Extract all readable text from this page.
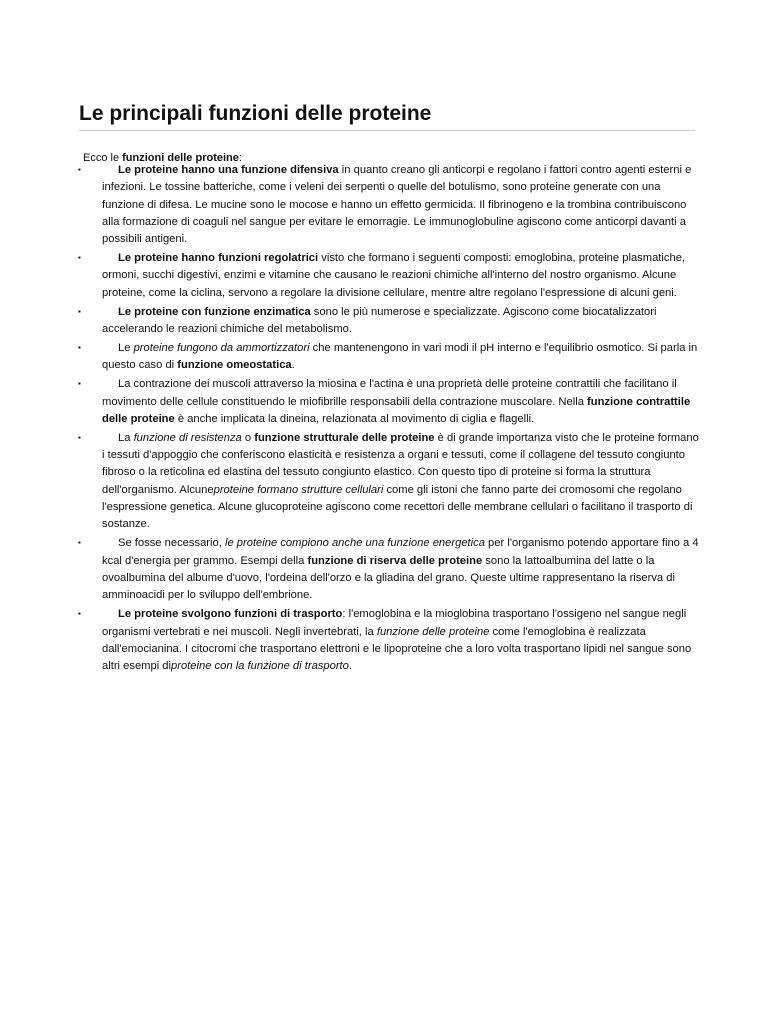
Le principali funzioni delle proteine

Ecco le funzioni delle proteine:

▪	Le proteine hanno una funzione difensiva in quanto creano gli anticorpi e regolano i fattori contro agenti esterni e infezioni. Le tossine batteriche, come i veleni dei serpenti o quelle del botulismo, sono proteine generate con una funzione di difesa. Le mucine sono le mocose e hanno un effetto germicida. Il fibrinogeno e la trombina contribuiscono alla formazione di coaguli nel sangue per evitare le emorragie. Le immunoglobuline agiscono come anticorpi davanti a possibili antigeni.
▪	Le proteine hanno funzioni regolatrici visto che formano i seguenti composti: emoglobina, proteine plasmatiche, ormoni, succhi digestivi, enzimi e vitamine che causano le reazioni chimiche all'interno del nostro organismo. Alcune proteine, come la ciclina, servono a regolare la divisione cellulare, mentre altre regolano l'espressione di alcuni geni.
▪	Le proteine con funzione enzimatica sono le più numerose e specializzate. Agiscono come biocatalizzatori accelerando le reazioni chimiche del metabolismo.
▪	Le proteine fungono da ammortizzatori che mantenengono in vari modi il pH interno e l'equilibrio osmotico. Si parla in questo caso di funzione omeostatica.
▪	La contrazione dei muscoli attraverso la miosina e l'actina è una proprietà delle proteine contrattili che facilitano il movimento delle cellule constituendo le miofibrille responsabili della contrazione muscolare. Nella funzione contrattile delle proteine è anche implicata la dineina, relazionata al movimento di ciglia e flagelli.
▪	La funzione di resistenza o funzione strutturale delle proteine è di grande importanza visto che le proteine formano i tessuti d'appoggio che conferiscono elasticità e resistenza a organi e tessuti, come il collagene del tessuto congiunto fibroso o la reticolina ed elastina del tessuto congiunto elastico. Con questo tipo di proteine si forma la struttura dell'organismo. Alcuneproteine formano strutture cellulari come gli istoni che fanno parte dei cromosomi che regolano l'espressione genetica. Alcune glucoproteine agiscono come recettori delle membrane cellulari o facilitano il trasporto di sostanze.
▪	Se fosse necessario, le proteine compiono anche una funzione energetica per l'organismo potendo apportare fino a 4 kcal d'energia per grammo. Esempi della funzione di riserva delle proteine sono la lattoalbumina del latte o la ovoalbumina del albume d'uovo, l'ordeina dell'orzo e la gliadina del grano. Queste ultime rappresentano la riserva di amminoacidi per lo sviluppo dell'embrione.
▪	Le proteine svolgono funzioni di trasporto: l'emoglobina e la mioglobina trasportano l'ossigeno nel sangue negli organismi vertebrati e nei muscoli. Negli invertebrati, la funzione delle proteine come l'emoglobina è realizzata dall'emocianina. I citocromi che trasportano elettroni e le lipoproteine che a loro volta trasportano lipidi nel sangue sono altri esempi diproteine con la funzione di trasporto.
